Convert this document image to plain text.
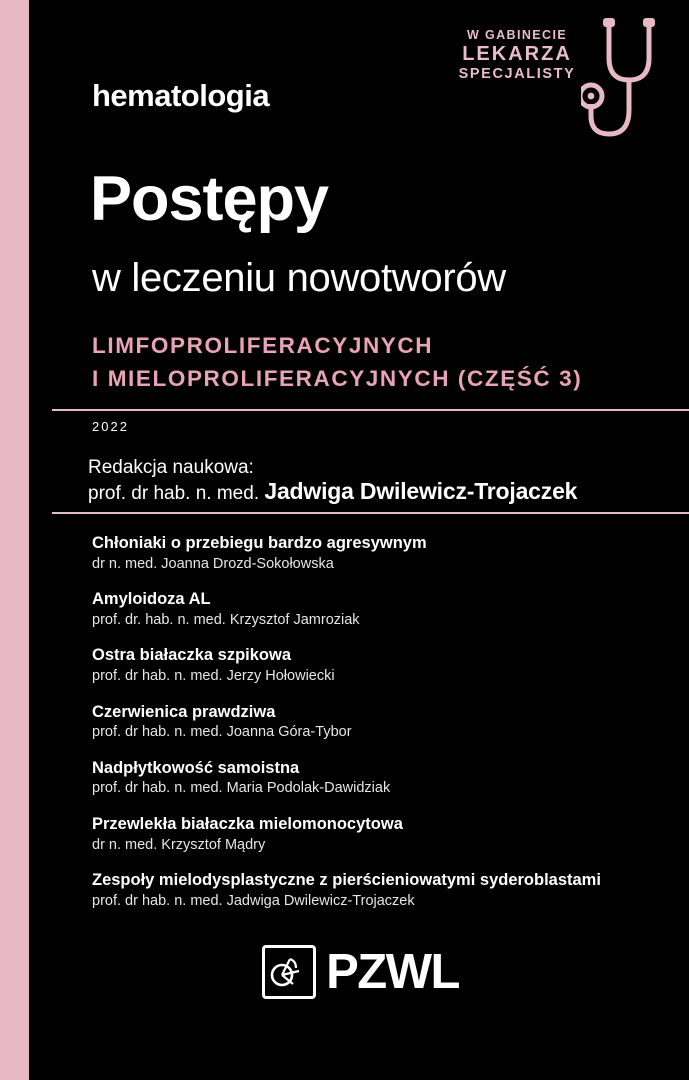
W GABINECIE
LEKARZA
SPECJALISTY
hematologia
Postępy
w leczeniu nowotworów
LIMFOPROLIFERACYJNYCH
I MIELOPROLIFERACYJNYCH (CZĘŚĆ 3)
2022
Redakcja naukowa:
prof. dr hab. n. med. Jadwiga Dwilewicz-Trojaczek
Chłoniaki o przebiegu bardzo agresywnym
dr n. med. Joanna Drozd-Sokołowska
Amyloidoza AL
prof. dr. hab. n. med. Krzysztof Jamroziak
Ostra białaczka szpikowa
prof. dr hab. n. med. Jerzy Hołowiecki
Czerwienica prawdziwa
prof. dr hab. n. med. Joanna Góra-Tybor
Nadpłytkowość samoistna
prof. dr hab. n. med. Maria Podolak-Dawidziak
Przewlekła białaczka mielomonocytowa
dr n. med. Krzysztof Mądry
Zespoły mielodysplastyczne z pierścieniowatymi syderoblastami
prof. dr hab. n. med. Jadwiga Dwilewicz-Trojaczek
PZWL
